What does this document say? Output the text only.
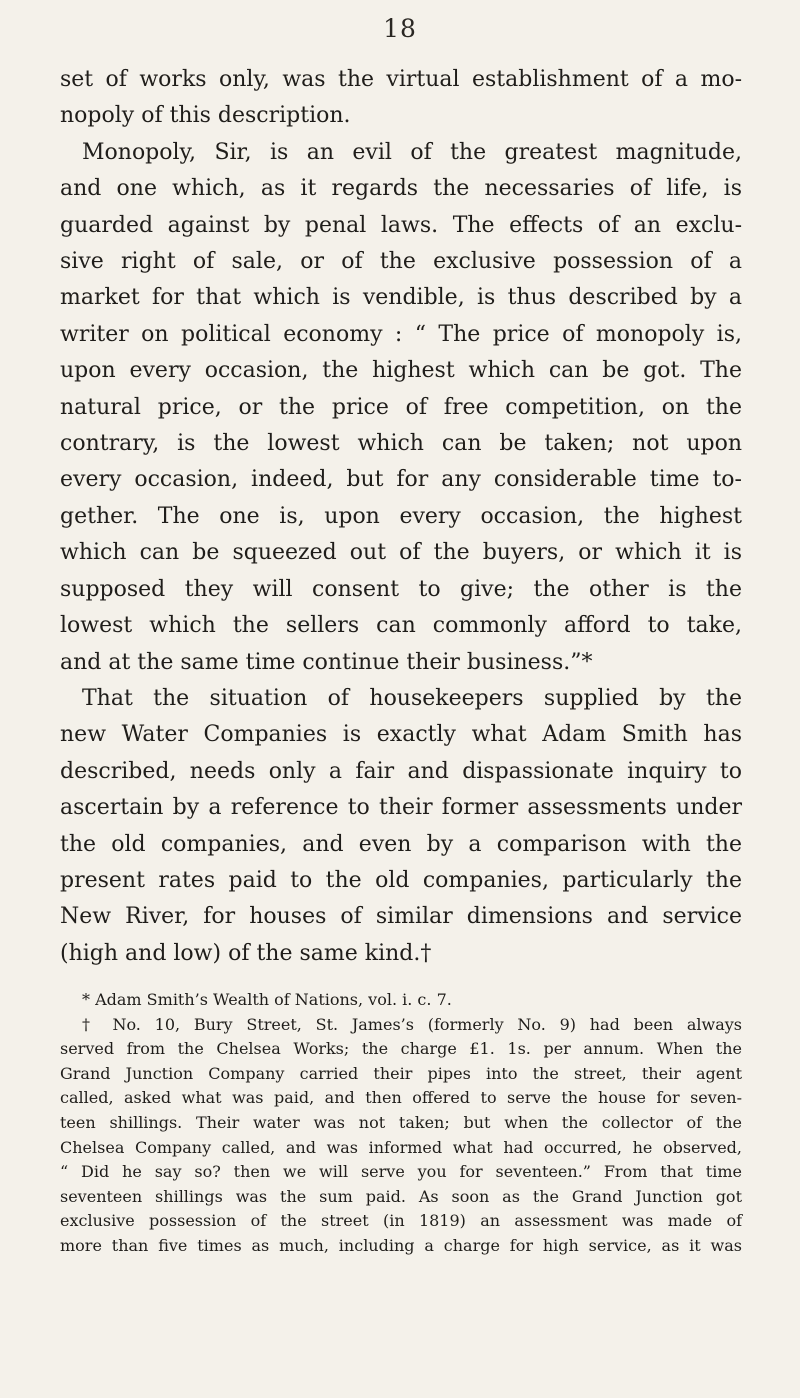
18
set of works only, was the virtual establishment of a mo-
nopoly of this description.
Monopoly, Sir, is an evil of the greatest magnitude,
and one which, as it regards the necessaries of life, is
guarded against by penal laws. The effects of an exclu-
sive right of sale, or of the exclusive possession of a
market for that which is vendible, is thus described by a
writer on political economy : “ The price of monopoly is,
upon every occasion, the highest which can be got. The
natural price, or the price of free competition, on the
contrary, is the lowest which can be taken; not upon
every occasion, indeed, but for any considerable time to-
gether. The one is, upon every occasion, the highest
which can be squeezed out of the buyers, or which it is
supposed they will consent to give; the other is the
lowest which the sellers can commonly afford to take,
and at the same time continue their business.”*
That the situation of housekeepers supplied by the
new Water Companies is exactly what Adam Smith has
described, needs only a fair and dispassionate inquiry to
ascertain by a reference to their former assessments under
the old companies, and even by a comparison with the
present rates paid to the old companies, particularly the
New River, for houses of similar dimensions and service
(high and low) of the same kind.†
* Adam Smith’s Wealth of Nations, vol. i. c. 7.
† No. 10, Bury Street, St. James’s (formerly No. 9) had been always
served from the Chelsea Works; the charge £1. 1s. per annum. When the
Grand Junction Company carried their pipes into the street, their agent
called, asked what was paid, and then offered to serve the house for seven-
teen shillings. Their water was not taken; but when the collector of the
Chelsea Company called, and was informed what had occurred, he observed,
“ Did he say so? then we will serve you for seventeen.” From that time
seventeen shillings was the sum paid. As soon as the Grand Junction got
exclusive possession of the street (in 1819) an assessment was made of
more than five times as much, including a charge for high service, as it was
